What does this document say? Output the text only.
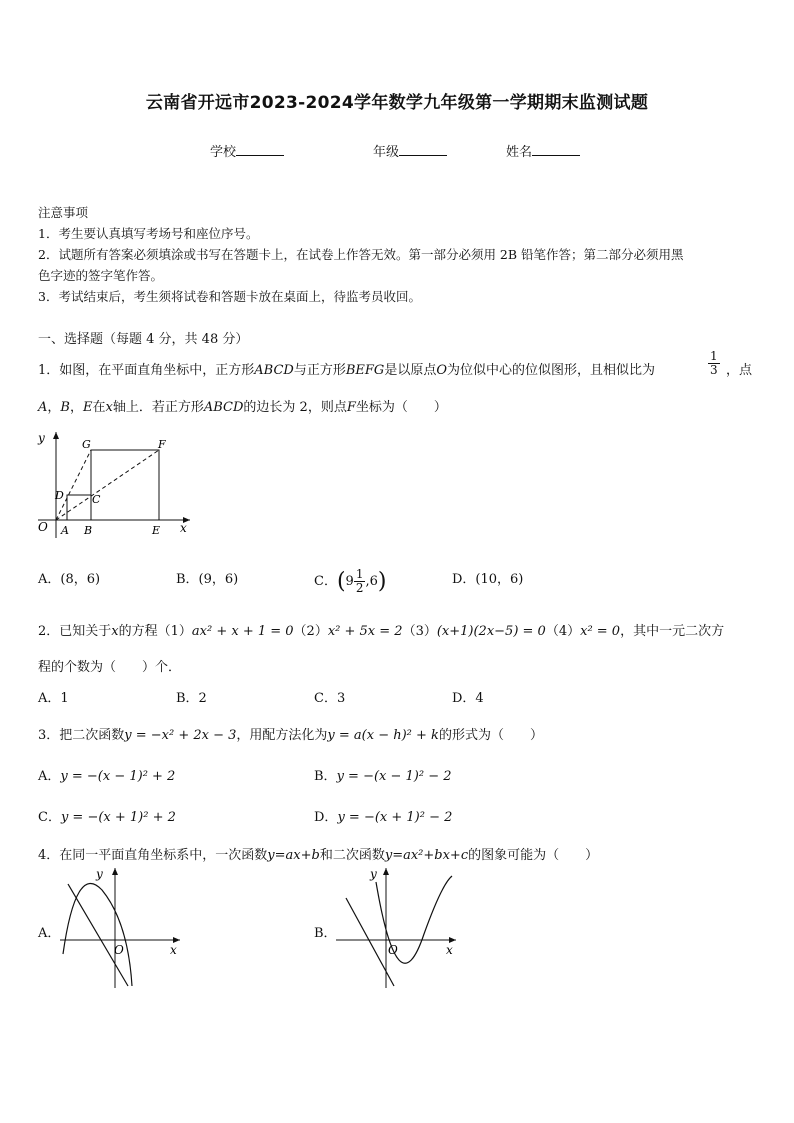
云南省开远市2023-2024学年数学九年级第一学期期末监测试题
学校	年级	姓名
注意事项
1．考生要认真填写考场号和座位序号。
2．试题所有答案必须填涂或书写在答题卡上，在试卷上作答无效。第一部分必须用 2B 铅笔作答；第二部分必须用黑
色字迹的签字笔作答。
3．考试结束后，考生须将试卷和答题卡放在桌面上，待监考员收回。
一、选择题（每题 4 分，共 48 分）
1．如图，在平面直角坐标中，正方形ABCD与正方形BEFG是以原点O为位似中心的位似图形，且相似比为	$\frac{1}{3}$ ，点
A，B，E在x轴上．若正方形ABCD的边长为 2，则点F坐标为（　　）
y
x
O A B	E
C
D
G	F
A．(8，6)	B．(9，6)	C．$(9 \frac{1}{2} ,6)$	D．(10，6)
2．已知关于x的方程（1）ax² + x + 1 = 0（2）x² + 5x = 2（3）(x+1)(2x−5) = 0（4）x² = 0，其中一元二次方
程的个数为（　　）个．
A．1	B．2	C．3	D．4
3．把二次函数y = −x² + 2x − 3，用配方法化为y = a(x − h)² + k的形式为（　　）
A．y = −(x − 1)² + 2	B．y = −(x − 1)² − 2
C．y = −(x + 1)² + 2	D．y = −(x + 1)² − 2
4．在同一平面直角坐标系中，一次函数y=ax+b和二次函数y=ax²+bx+c的图象可能为（　　）
A．
y
x
O
B．
y
x
O
